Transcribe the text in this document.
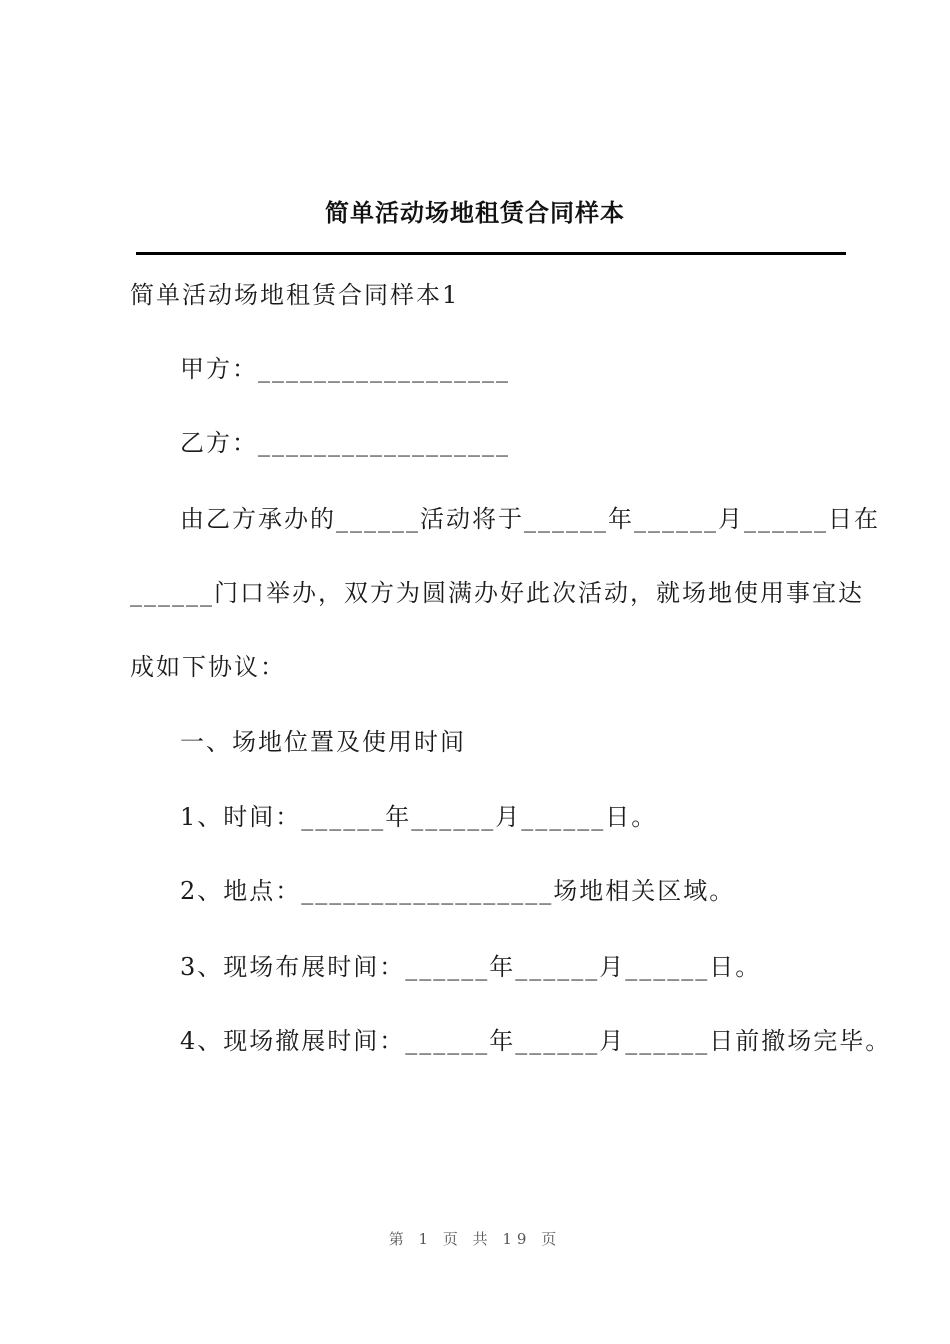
简单活动场地租赁合同样本
简单活动场地租赁合同样本1
甲方：__________________
乙方：__________________
由乙方承办的______活动将于______年______月______日在
______门口举办，双方为圆满办好此次活动，就场地使用事宜达
成如下协议：
一、场地位置及使用时间
1、时间：______年______月______日。
2、地点：__________________场地相关区域。
3、现场布展时间：______年______月______日。
4、现场撤展时间：______年______月______日前撤场完毕。
第 1 页 共 19 页
